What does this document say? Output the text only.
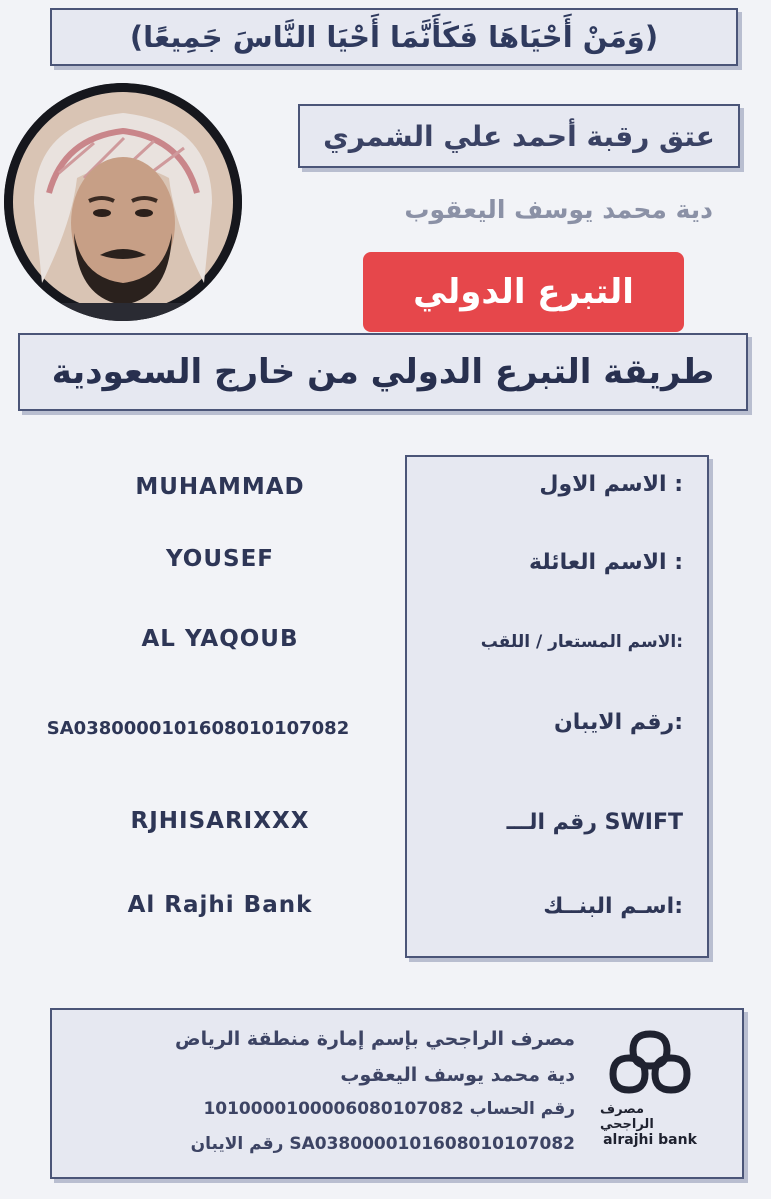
(وَمَنْ أَحْيَاهَا فَكَأَنَّمَا أَحْيَا النَّاسَ جَمِيعًا)
عتق رقبة أحمد علي الشمري
دية محمد يوسف اليعقوب
التبرع الدولي
طريقة التبرع الدولي من خارج السعودية
الاسم الاول :
MUHAMMAD
الاسم العائلة :
YOUSEF
الاسم المستعار / اللقب:
AL YAQOUB
رقم الايبان:
SA0380000101608010107082
رقم الـــ SWIFT
RJHISARIXXX
اسـم البنــك:
Al Rajhi Bank
مصرف الراجحي بإسم إمارة منطقة الرياض
دية محمد يوسف اليعقوب
رقم الحساب 1010000100006080107082
رقم الايبان SA0380000101608010107082
مصرف الراجحي
alrajhi bank
